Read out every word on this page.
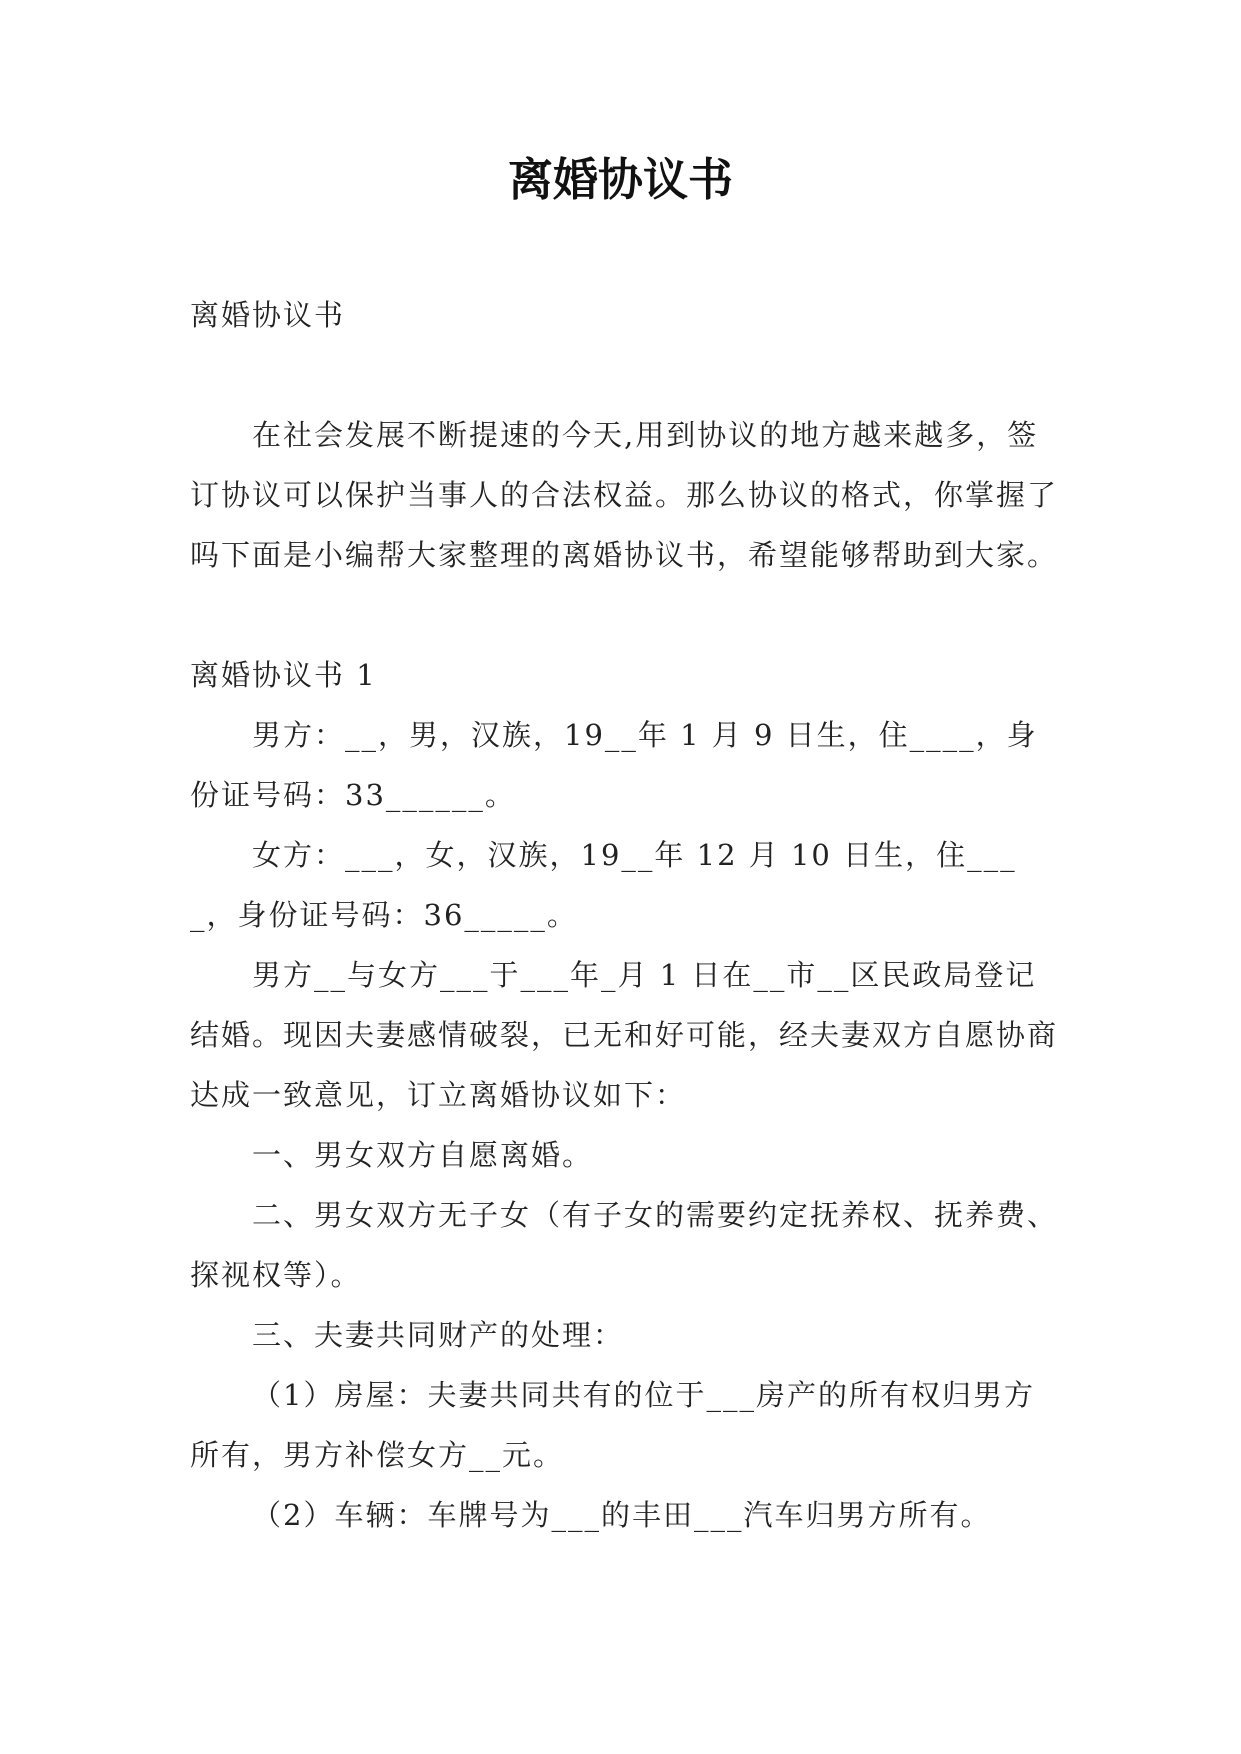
离婚协议书

离婚协议书

在社会发展不断提速的今天,用到协议的地方越来越多，签订协议可以保护当事人的合法权益。那么协议的格式，你掌握了吗下面是小编帮大家整理的离婚协议书，希望能够帮助到大家。

离婚协议书 1

男方：__，男，汉族，19__年 1 月 9 日生，住____，身份证号码：33______。

女方：___，女，汉族，19__年 12 月 10 日生，住____，身份证号码：36_____。

男方__与女方___于___年_月 1 日在__市__区民政局登记结婚。现因夫妻感情破裂，已无和好可能，经夫妻双方自愿协商达成一致意见，订立离婚协议如下：

一、男女双方自愿离婚。

二、男女双方无子女（有子女的需要约定抚养权、抚养费、探视权等）。

三、夫妻共同财产的处理：

（1）房屋：夫妻共同共有的位于___房产的所有权归男方所有，男方补偿女方__元。

（2）车辆：车牌号为___的丰田___汽车归男方所有。
